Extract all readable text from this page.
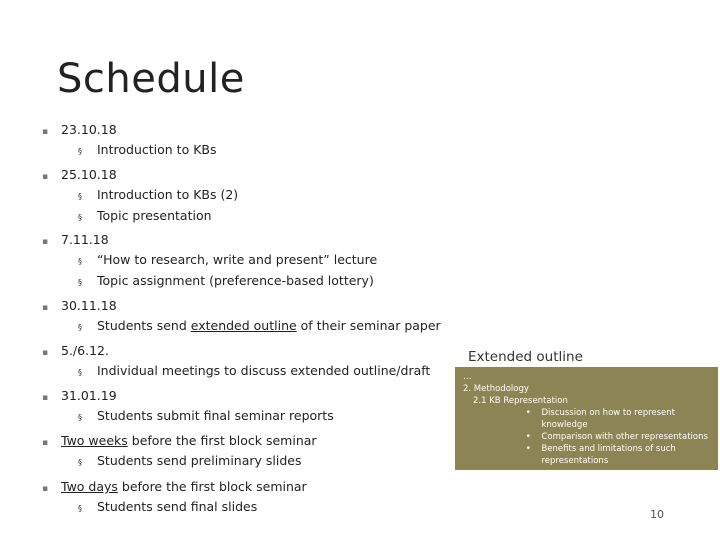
Schedule
▪	23.10.18
§	Introduction to KBs
▪	25.10.18
§	Introduction to KBs (2)
§	Topic presentation
▪	7.11.18
§	“How to research, write and present” lecture
§	Topic assignment (preference-based lottery)
▪	30.11.18
§	Students send extended outline of their seminar paper
▪	5./6.12.
§	Individual meetings to discuss extended outline/draft
▪	31.01.19
§	Students submit final seminar reports
▪	Two weeks before the first block seminar
§	Students send preliminary slides
▪	Two days before the first block seminar
§	Students send final slides
Extended outline
…
2. Methodology
2.1 KB Representation
•	Discussion on how to represent knowledge
•	Comparison with other representations
•	Benefits and limitations of such representations
•	…
10
